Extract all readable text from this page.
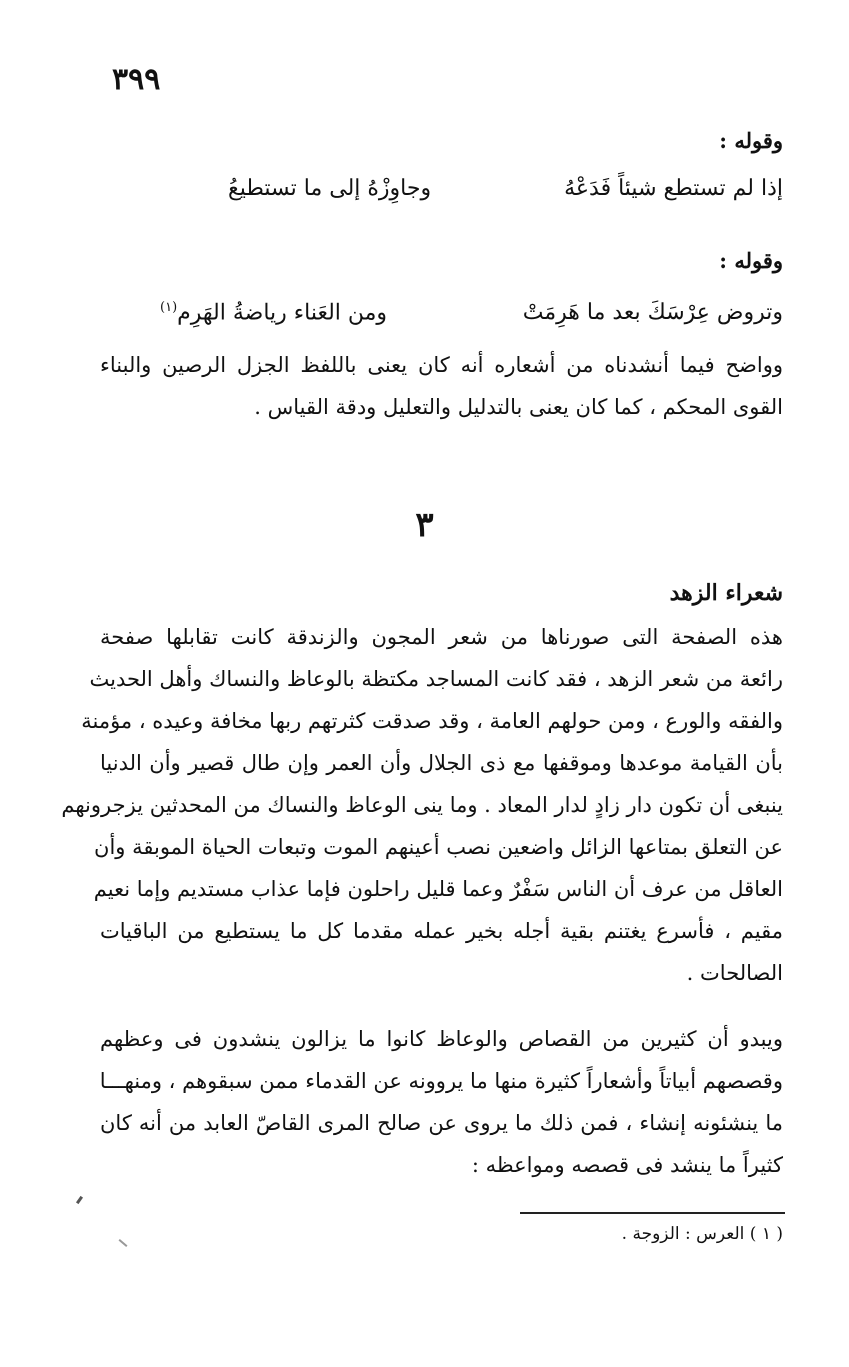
٣٩٩
وقوله :
إذا لم تستطع شيئاً فَدَعْهُ
وجاوِزْهُ إلى ما تستطيعُ
وقوله :
وتروض عِرْسَكَ بعد ما هَرِمَتْ
ومن العَناء رياضةُ الهَرِم$^{(١)}$
وواضح فيما أنشدناه من أشعاره أنه كان يعنى باللفظ الجزل الرصين والبناء
القوى المحكم ، كما كان يعنى بالتدليل والتعليل ودقة القياس .
٣
شعراء الزهد
هذه الصفحة التى صورناها من شعر المجون والزندقة كانت تقابلها صفحة
رائعة من شعر الزهد ، فقد كانت المساجد مكتظة بالوعاظ والنساك وأهل الحديث
والفقه والورع ، ومن حولهم العامة ، وقد صدقت كثرتهم ربها مخافة وعيده ، مؤمنة
بأن القيامة موعدها وموقفها مع ذى الجلال وأن العمر وإن طال قصير وأن الدنيا
ينبغى أن تكون دار زادٍ لدار المعاد . وما ينى الوعاظ والنساك من المحدثين يزجرونهم
عن التعلق بمتاعها الزائل واضعين نصب أعينهم الموت وتبعات الحياة الموبقة وأن
العاقل من عرف أن الناس سَفْرٌ وعما قليل راحلون فإما عذاب مستديم وإما نعيم
مقيم ، فأسرع يغتنم بقية أجله بخير عمله مقدما كل ما يستطيع من الباقيات
الصالحات .
ويبدو أن كثيرين من القصاص والوعاظ كانوا ما يزالون ينشدون فى وعظهم
وقصصهم أبياتاً وأشعاراً كثيرة منها ما يروونه عن القدماء ممن سبقوهم ، ومنهـــا
ما ينشئونه إنشاء ، فمن ذلك ما يروى عن صالح المرى القاصّ العابد من أنه كان
كثيراً ما ينشد فى قصصه ومواعظه :
( ١ ) العرس : الزوجة .
